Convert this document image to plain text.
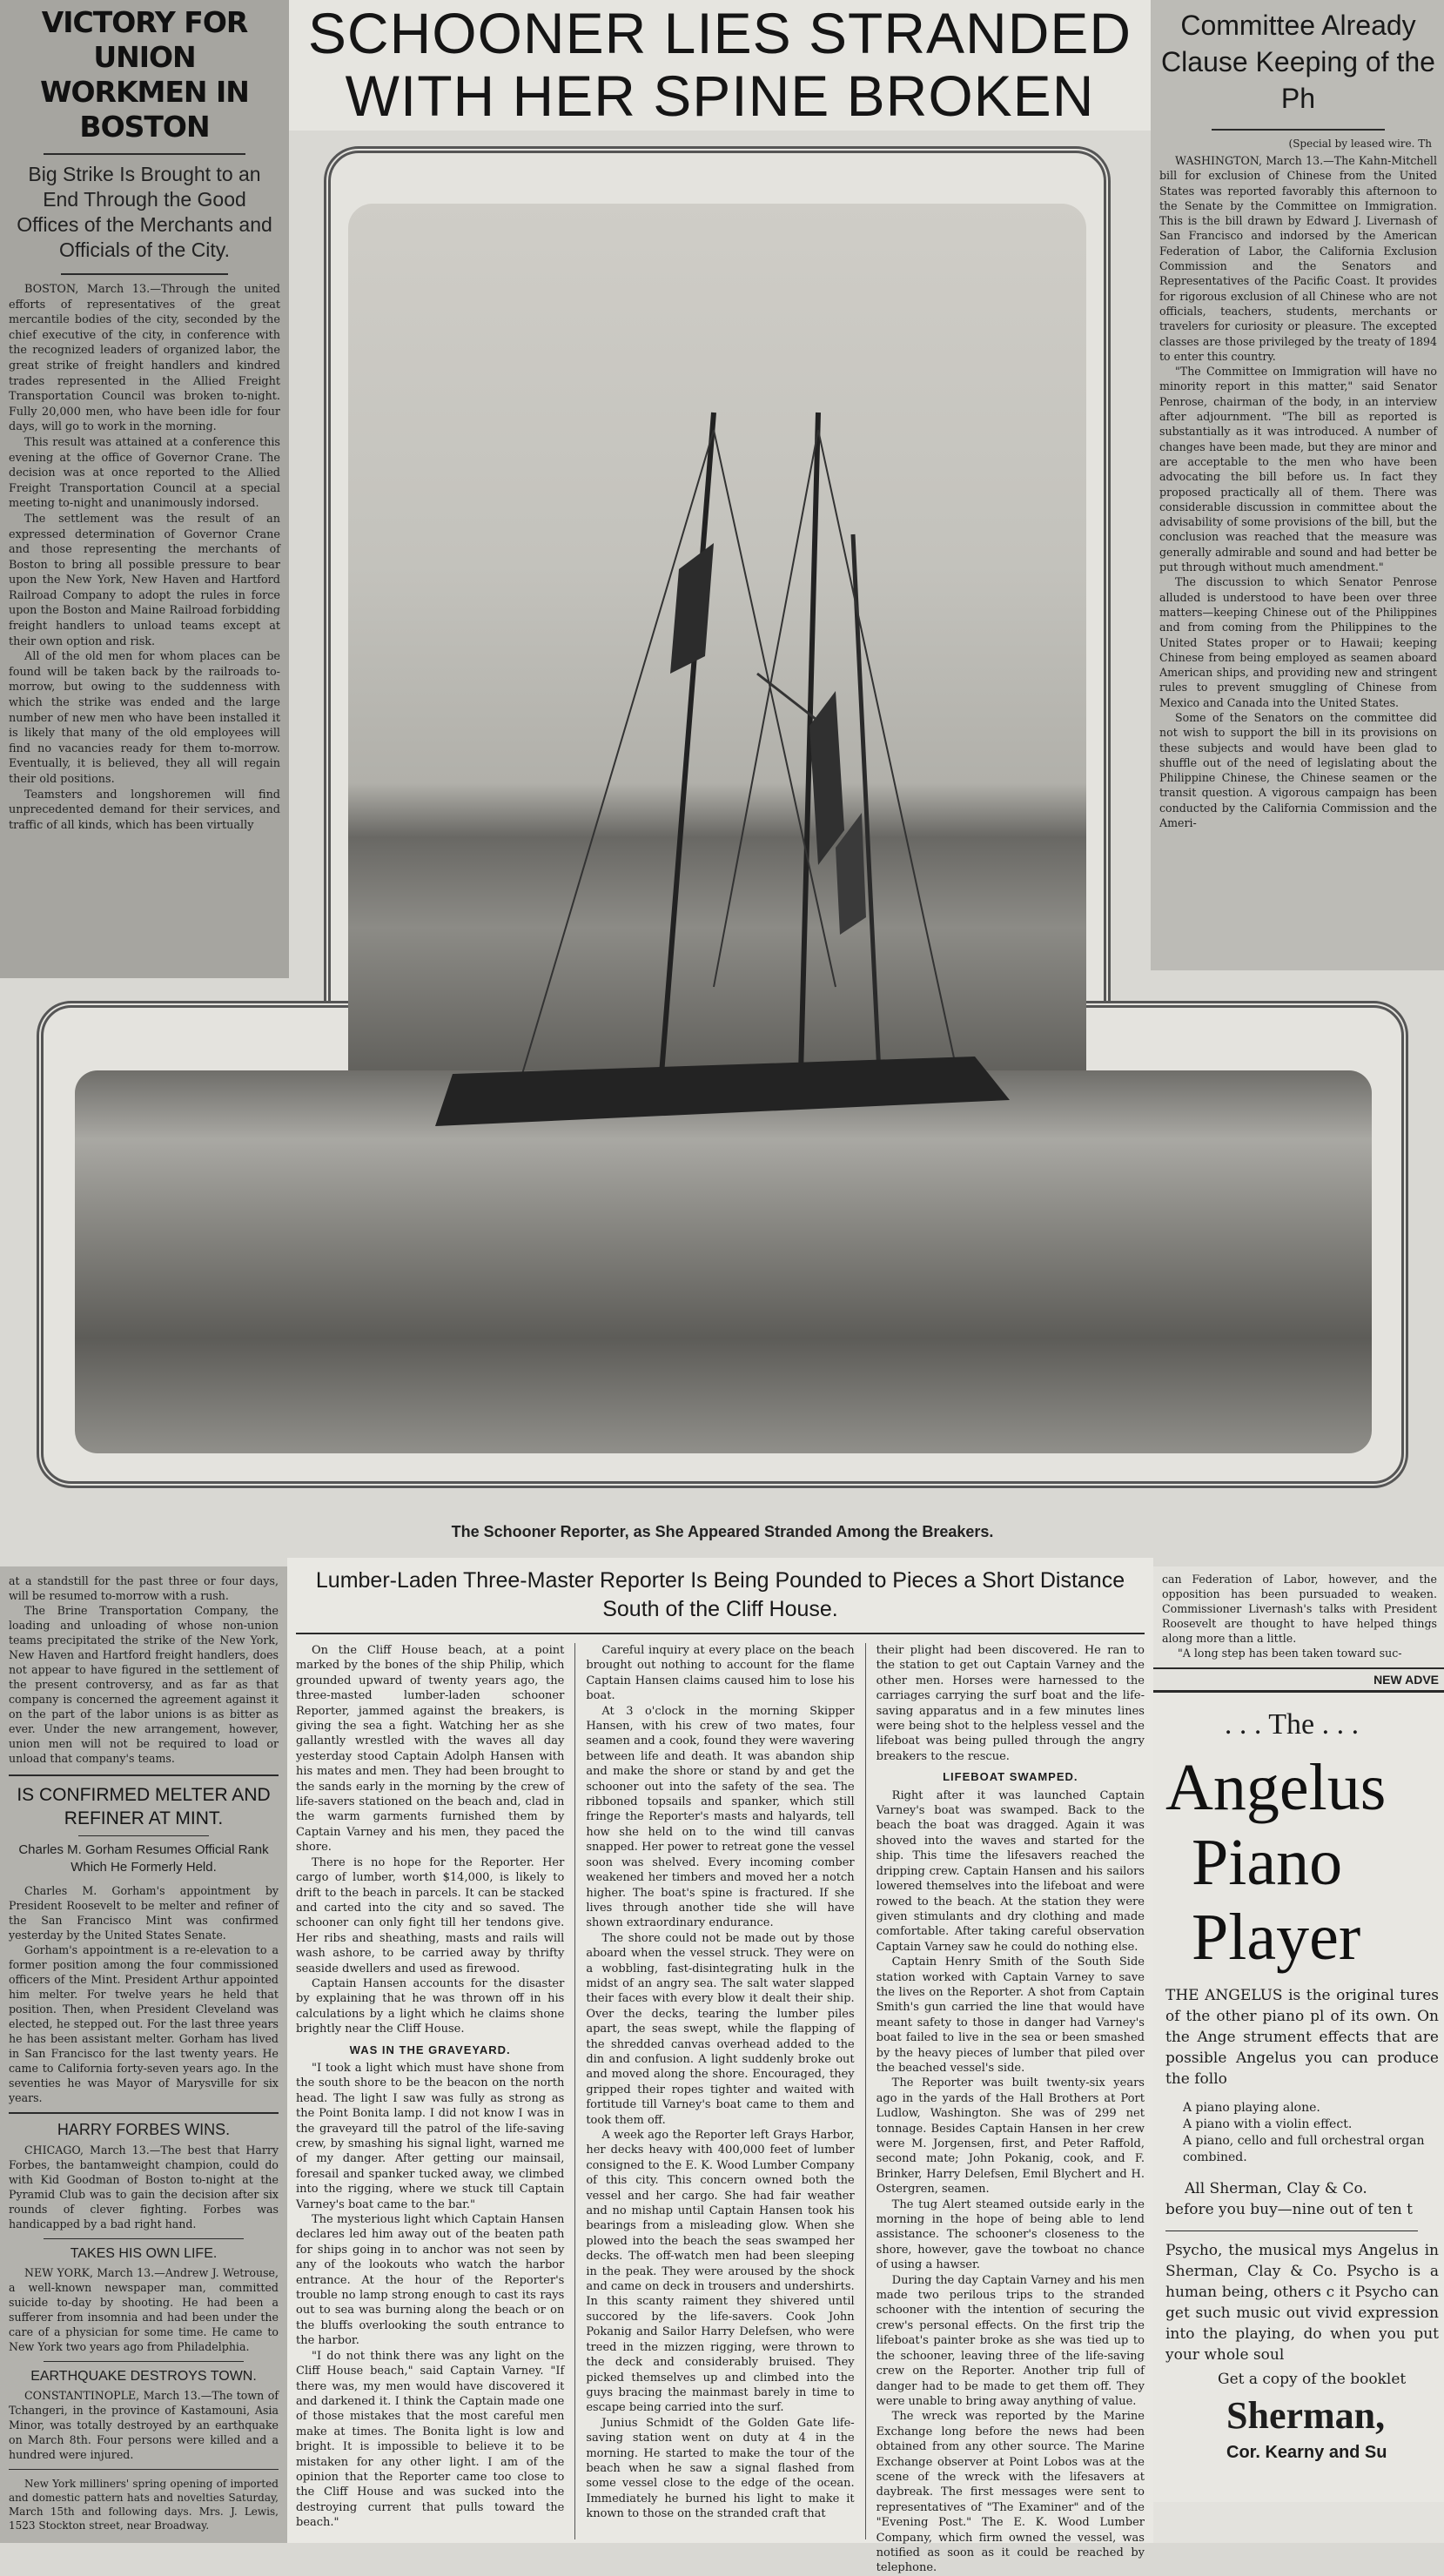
VICTORY FOR UNION WORKMEN IN BOSTON
Big Strike Is Brought to an End Through the Good Offices of the Merchants and Officials of the City.

BOSTON, March 13.—Through the united efforts of representatives of the great mercantile bodies of the city, seconded by the chief executive of the city, in conference with the recognized leaders of organized labor, the great strike of freight handlers and kindred trades represented in the Allied Freight Transportation Council was broken to-night. Fully 20,000 men, who have been idle for four days, will go to work in the morning.

This result was attained at a conference this evening at the office of Governor Crane. The decision was at once reported to the Allied Freight Transportation Council at a special meeting to-night and unanimously indorsed.

The settlement was the result of an expressed determination of Governor Crane and those representing the merchants of Boston to bring all possible pressure to bear upon the New York, New Haven and Hartford Railroad Company to adopt the rules in force upon the Boston and Maine Railroad forbidding freight handlers to unload teams except at their own option and risk.

All of the old men for whom places can be found will be taken back by the railroads to-morrow, but owing to the suddenness with which the strike was ended and the large number of new men who have been installed it is likely that many of the old employees will find no vacancies ready for them to-morrow. Eventually, it is believed, they all will regain their old positions.

Teamsters and longshoremen will find unprecedented demand for their services, and traffic of all kinds, which has been virtually

SCHOONER LIES STRANDED
WITH HER SPINE BROKEN
The Schooner Reporter, as She Appeared Stranded Among the Breakers.
Committee Already Clause Keeping of the Ph
(Special by leased wire. Th

WASHINGTON, March 13.—The Kahn-Mitchell bill for exclusion of Chinese from the United States was reported favorably this afternoon to the Senate by the Committee on Immigration. This is the bill drawn by Edward J. Livernash of San Francisco and indorsed by the American Federation of Labor, the California Exclusion Commission and the Senators and Representatives of the Pacific Coast. It provides for rigorous exclusion of all Chinese who are not officials, teachers, students, merchants or travelers for curiosity or pleasure. The excepted classes are those privileged by the treaty of 1894 to enter this country.

"The Committee on Immigration will have no minority report in this matter," said Senator Penrose, chairman of the body, in an interview after adjournment. "The bill as reported is substantially as it was introduced. A number of changes have been made, but they are minor and are acceptable to the men who have been advocating the bill before us. In fact they proposed practically all of them. There was considerable discussion in committee about the advisability of some provisions of the bill, but the conclusion was reached that the measure was generally admirable and sound and had better be put through without much amendment."

The discussion to which Senator Penrose alluded is understood to have been over three matters—keeping Chinese out of the Philippines and from coming from the Philippines to the United States proper or to Hawaii; keeping Chinese from being employed as seamen aboard American ships, and providing new and stringent rules to prevent smuggling of Chinese from Mexico and Canada into the United States.

Some of the Senators on the committee did not wish to support the bill in its provisions on these subjects and would have been glad to shuffle out of the need of legislating about the Philippine Chinese, the Chinese seamen or the transit question. A vigorous campaign has been conducted by the California Commission and the Ameri-

at a standstill for the past three or four days, will be resumed to-morrow with a rush.

The Brine Transportation Company, the loading and unloading of whose non-union teams precipitated the strike of the New York, New Haven and Hartford freight handlers, does not appear to have figured in the settlement of the present controversy, and as far as that company is concerned the agreement against it on the part of the labor unions is as bitter as ever. Under the new arrangement, however, union men will not be required to load or unload that company's teams.

IS CONFIRMED MELTER AND REFINER AT MINT.
Charles M. Gorham Resumes Official Rank Which He Formerly Held.

Charles M. Gorham's appointment by President Roosevelt to be melter and refiner of the San Francisco Mint was confirmed yesterday by the United States Senate.

Gorham's appointment is a re-elevation to a former position among the four commissioned officers of the Mint. President Arthur appointed him melter. For twelve years he held that position. Then, when President Cleveland was elected, he stepped out. For the last three years he has been assistant melter. Gorham has lived in San Francisco for the last twenty years. He came to California forty-seven years ago. In the seventies he was Mayor of Marysville for six years.

HARRY FORBES WINS.

CHICAGO, March 13.—The best that Harry Forbes, the bantamweight champion, could do with Kid Goodman of Boston to-night at the Pyramid Club was to gain the decision after six rounds of clever fighting. Forbes was handicapped by a bad right hand.

TAKES HIS OWN LIFE.

NEW YORK, March 13.—Andrew J. Wetrouse, a well-known newspaper man, committed suicide to-day by shooting. He had been a sufferer from insomnia and had been under the care of a physician for some time. He came to New York two years ago from Philadelphia.

EARTHQUAKE DESTROYS TOWN.

CONSTANTINOPLE, March 13.—The town of Tchangeri, in the province of Kastamouni, Asia Minor, was totally destroyed by an earthquake on March 8th. Four persons were killed and a hundred were injured.

New York milliners' spring opening of imported and domestic pattern hats and novelties Saturday, March 15th and following days. Mrs. J. Lewis, 1523 Stockton street, near Broadway.

Lumber-Laden Three-Master Reporter Is Being Pounded to Pieces a Short Distance South of the Cliff House.

On the Cliff House beach, at a point marked by the bones of the ship Philip, which grounded upward of twenty years ago, the three-masted lumber-laden schooner Reporter, jammed against the breakers, is giving the sea a fight. Watching her as she gallantly wrestled with the waves all day yesterday stood Captain Adolph Hansen with his mates and men. They had been brought to the sands early in the morning by the crew of life-savers stationed on the beach and, clad in the warm garments furnished them by Captain Varney and his men, they paced the shore.

There is no hope for the Reporter. Her cargo of lumber, worth $14,000, is likely to drift to the beach in parcels. It can be stacked and carted into the city and so saved. The schooner can only fight till her tendons give. Her ribs and sheathing, masts and rails will wash ashore, to be carried away by thrifty seaside dwellers and used as firewood.

Captain Hansen accounts for the disaster by explaining that he was thrown off in his calculations by a light which he claims shone brightly near the Cliff House.

WAS IN THE GRAVEYARD.

"I took a light which must have shone from the south shore to be the beacon on the north head. The light I saw was fully as strong as the Point Bonita lamp. I did not know I was in the graveyard till the patrol of the life-saving crew, by smashing his signal light, warned me of my danger. After getting our mainsail, foresail and spanker tucked away, we climbed into the rigging, where we stuck till Captain Varney's boat came to the bar."

The mysterious light which Captain Hansen declares led him away out of the beaten path for ships going in to anchor was not seen by any of the lookouts who watch the harbor entrance. At the hour of the Reporter's trouble no lamp strong enough to cast its rays out to sea was burning along the beach or on the bluffs overlooking the south entrance to the harbor.

"I do not think there was any light on the Cliff House beach," said Captain Varney. "If there was, my men would have discovered it and darkened it. I think the Captain made one of those mistakes that the most careful men make at times. The Bonita light is low and bright. It is impossible to believe it to be mistaken for any other light. I am of the opinion that the Reporter came too close to the Cliff House and was sucked into the destroying current that pulls toward the beach."

Careful inquiry at every place on the beach brought out nothing to account for the flame Captain Hansen claims caused him to lose his boat.

At 3 o'clock in the morning Skipper Hansen, with his crew of two mates, four seamen and a cook, found they were wavering between life and death. It was abandon ship and make the shore or stand by and get the schooner out into the safety of the sea. The ribboned topsails and spanker, which still fringe the Reporter's masts and halyards, tell how she held on to the wind till canvas snapped. Her power to retreat gone the vessel soon was shelved. Every incoming comber weakened her timbers and moved her a notch higher. The boat's spine is fractured. If she lives through another tide she will have shown extraordinary endurance.

The shore could not be made out by those aboard when the vessel struck. They were on a wobbling, fast-disintegrating hulk in the midst of an angry sea. The salt water slapped their faces with every blow it dealt their ship. Over the decks, tearing the lumber piles apart, the seas swept, while the flapping of the shredded canvas overhead added to the din and confusion. A light suddenly broke out and moved along the shore. Encouraged, they gripped their ropes tighter and waited with fortitude till Varney's boat came to them and took them off.

A week ago the Reporter left Grays Harbor, her decks heavy with 400,000 feet of lumber consigned to the E. K. Wood Lumber Company of this city. This concern owned both the vessel and her cargo. She had fair weather and no mishap until Captain Hansen took his bearings from a misleading glow. When she plowed into the beach the seas swamped her decks. The off-watch men had been sleeping in the peak. They were aroused by the shock and came on deck in trousers and undershirts. In this scanty raiment they shivered until succored by the life-savers. Cook John Pokanig and Sailor Harry Delefsen, who were treed in the mizzen rigging, were thrown to the deck and considerably bruised. They picked themselves up and climbed into the guys bracing the mainmast barely in time to escape being carried into the surf.

Junius Schmidt of the Golden Gate life-saving station went on duty at 4 in the morning. He started to make the tour of the beach when he saw a signal flashed from some vessel close to the edge of the ocean. Immediately he burned his light to make it known to those on the stranded craft that

their plight had been discovered. He ran to the station to get out Captain Varney and the other men. Horses were harnessed to the carriages carrying the surf boat and the life-saving apparatus and in a few minutes lines were being shot to the helpless vessel and the lifeboat was being pulled through the angry breakers to the rescue.

LIFEBOAT SWAMPED.

Right after it was launched Captain Varney's boat was swamped. Back to the beach the boat was dragged. Again it was shoved into the waves and started for the ship. This time the lifesavers reached the dripping crew. Captain Hansen and his sailors lowered themselves into the lifeboat and were rowed to the beach. At the station they were given stimulants and dry clothing and made comfortable. After taking careful observation Captain Varney saw he could do nothing else.

Captain Henry Smith of the South Side station worked with Captain Varney to save the lives on the Reporter. A shot from Captain Smith's gun carried the line that would have meant safety to those in danger had Varney's boat failed to live in the sea or been smashed by the heavy pieces of lumber that piled over the beached vessel's side.

The Reporter was built twenty-six years ago in the yards of the Hall Brothers at Port Ludlow, Washington. She was of 299 net tonnage. Besides Captain Hansen in her crew were M. Jorgensen, first, and Peter Raffold, second mate; John Pokanig, cook, and F. Brinker, Harry Delefsen, Emil Blychert and H. Ostergren, seamen.

The tug Alert steamed outside early in the morning in the hope of being able to lend assistance. The schooner's closeness to the shore, however, gave the towboat no chance of using a hawser.

During the day Captain Varney and his men made two perilous trips to the stranded schooner with the intention of securing the crew's personal effects. On the first trip the lifeboat's painter broke as she was tied up to the schooner, leaving three of the life-saving crew on the Reporter. Another trip full of danger had to be made to get them off. They were unable to bring away anything of value.

The wreck was reported by the Marine Exchange long before the news had been obtained from any other source. The Marine Exchange observer at Point Lobos was at the scene of the wreck with the lifesavers at daybreak. The first messages were sent to representatives of "The Examiner" and of the "Evening Post." The E. K. Wood Lumber Company, which firm owned the vessel, was notified as soon as it could be reached by telephone.

can Federation of Labor, however, and the opposition has been pursuaded to weaken. Commissioner Livernash's talks with President Roosevelt are thought to have helped things along more than a little.

"A long step has been taken toward suc-

NEW ADVE
. . . The . . .
Angelus
Piano
Player
THE ANGELUS is the original tures of the other piano pl of its own. On the Ange strument effects that are possible Angelus you can produce the follo
A piano playing alone.
A piano with a violin effect.
A piano, cello and full orchestral organ combined.
All Sherman, Clay & Co.
before you buy—nine out of ten t
Psycho, the musical mys Angelus in Sherman, Clay & Co. Psycho is a human being, others c it Psycho can get such music out vivid expression into the playing, do when you put your whole soul
Get a copy of the booklet
Sherman,
Cor. Kearny and Su
